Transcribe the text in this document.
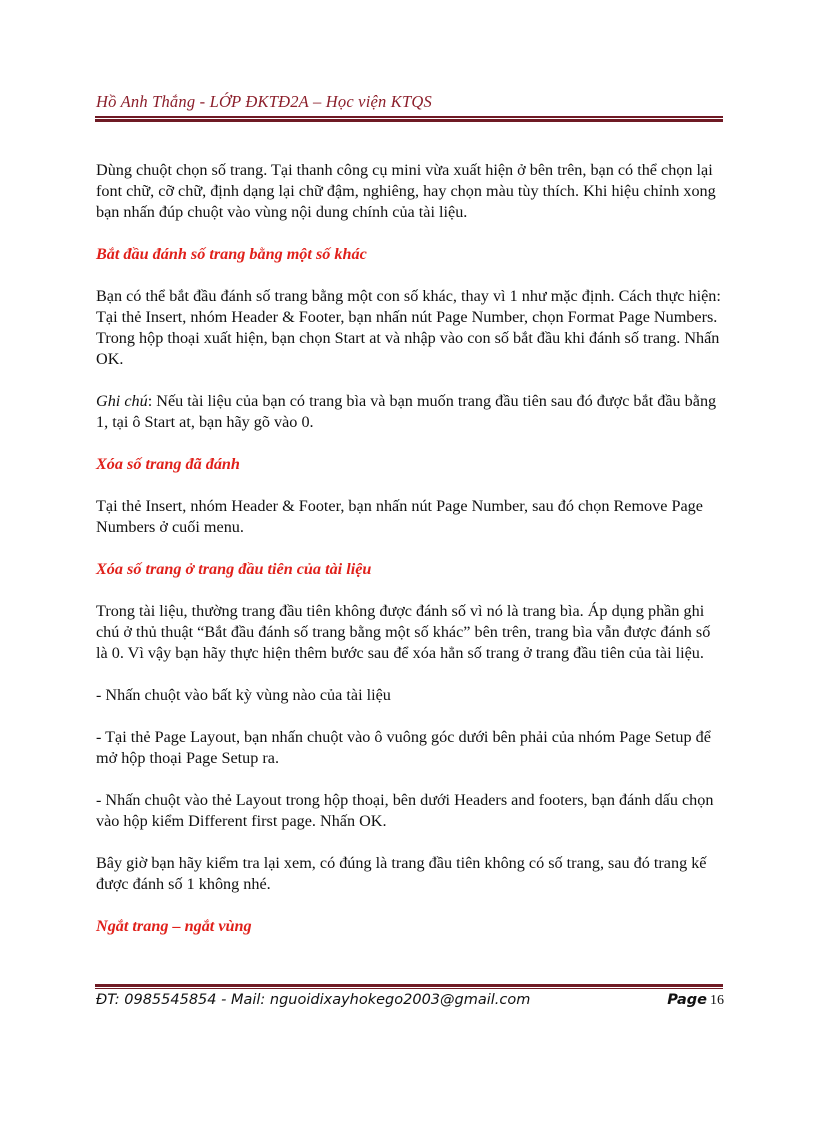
Hồ Anh Thắng - LỚP ĐKTĐ2A – Học viện KTQS

Dùng chuột chọn số trang. Tại thanh công cụ mini vừa xuất hiện ở bên trên, bạn có thể chọn lại font chữ, cỡ chữ, định dạng lại chữ đậm, nghiêng, hay chọn màu tùy thích. Khi hiệu chỉnh xong bạn nhấn đúp chuột vào vùng nội dung chính của tài liệu.

Bắt đầu đánh số trang bằng một số khác

Bạn có thể bắt đầu đánh số trang bằng một con số khác, thay vì 1 như mặc định. Cách thực hiện: Tại thẻ Insert, nhóm Header & Footer, bạn nhấn nút Page Number, chọn Format Page Numbers. Trong hộp thoại xuất hiện, bạn chọn Start at và nhập vào con số bắt đầu khi đánh số trang. Nhấn OK.

Ghi chú: Nếu tài liệu của bạn có trang bìa và bạn muốn trang đầu tiên sau đó được bắt đầu bằng 1, tại ô Start at, bạn hãy gõ vào 0.

Xóa số trang đã đánh

Tại thẻ Insert, nhóm Header & Footer, bạn nhấn nút Page Number, sau đó chọn Remove Page Numbers ở cuối menu.

Xóa số trang ở trang đầu tiên của tài liệu

Trong tài liệu, thường trang đầu tiên không được đánh số vì nó là trang bìa. Áp dụng phần ghi chú ở thủ thuật “Bắt đầu đánh số trang bằng một số khác” bên trên, trang bìa vẫn được đánh số là 0. Vì vậy bạn hãy thực hiện thêm bước sau để xóa hẳn số trang ở trang đầu tiên của tài liệu.

- Nhấn chuột vào bất kỳ vùng nào của tài liệu

- Tại thẻ Page Layout, bạn nhấn chuột vào ô vuông góc dưới bên phải của nhóm Page Setup để mở hộp thoại Page Setup ra.

- Nhấn chuột vào thẻ Layout trong hộp thoại, bên dưới Headers and footers, bạn đánh dấu chọn vào hộp kiểm Different first page. Nhấn OK.

Bây giờ bạn hãy kiểm tra lại xem, có đúng là trang đầu tiên không có số trang, sau đó trang kế được đánh số 1 không nhé.

Ngắt trang – ngắt vùng

ĐT: 0985545854 - Mail: nguoidixayhokego2003@gmail.com	Page 16
